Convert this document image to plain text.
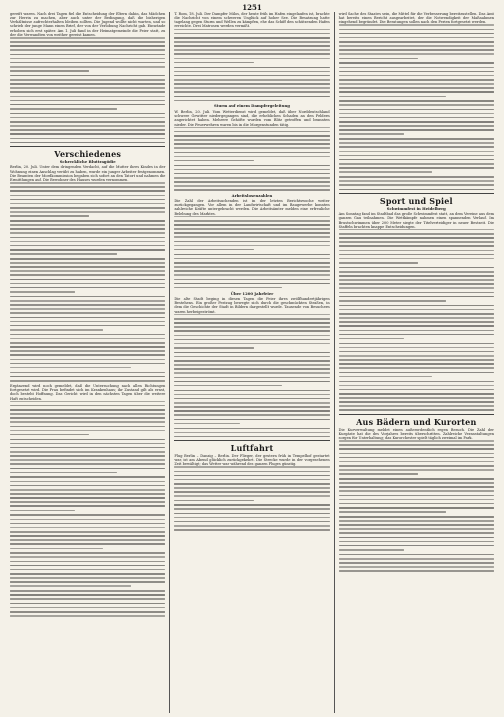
1251

gereift waren. Nach drei Tagen fiel die Entscheidung der Eltern dahin, das Mädchen zur Herrin zu machen, aber auch unter der Bedingung, daß die bisherigen Verhältnisse aufrechterhalten bleiben sollten. Die Jugend wollte nicht warten, und so schrieb der junge Mann einen Brief, der von der Verlobung Nachricht gab. Einwände erhoben sich erst später. Am 1. Juli fand in der Heimatgemeinde die Feier statt, zu der die Verwandten von weither gereist kamen.

Verschiedenes
Schreckliche Bluttragödie

Berlin, 20. Juli. Unter dem dringenden Verdacht, auf die Mutter ihres Kindes in der Wohnung einen Anschlag verübt zu haben, wurde ein junger Arbeiter festgenommen. Die Beamten der Mordkommission begaben sich sofort an den Tatort und nahmen die Ermittlungen auf. Die Bewohner des Hauses wurden vernommen.

Ergänzend wird noch gemeldet, daß die Untersuchung nach allen Richtungen fortgesetzt wird. Die Frau befindet sich im Krankenhaus; ihr Zustand gilt als ernst, doch besteht Hoffnung. Das Gericht wird in den nächsten Tagen über die weitere Haft entscheiden.

T. Rom, 18. Juli. Der Dampfer Milos, der heute früh im Hafen eingelaufen ist, brachte die Nachricht von einem schweren Unglück auf hoher See. Die Besatzung hatte tagelang gegen Sturm und Wellen zu kämpfen, ehe das Schiff den schützenden Hafen erreichte. Drei Matrosen werden vermißt.

Sturm auf einem Dampfergeleitung

W. Berlin, 20. Juli. Vom Wetterdienst wird gemeldet, daß über Norddeutschland schwere Gewitter niedergegangen sind, die erheblichen Schaden an den Feldern angerichtet haben. Mehrere Gehöfte wurden vom Blitz getroffen und brannten nieder. Die Feuerwehren waren bis in die Morgenstunden tätig.

Arbeitslosenzahlen

Die Zahl der Arbeitsuchenden ist in der letzten Berichtswoche weiter zurückgegangen. Vor allem in der Landwirtschaft und im Baugewerbe konnten zahlreiche Kräfte untergebracht werden. Die Arbeitsämter melden eine erfreuliche Belebung des Marktes.

Über 1200 Jahrfeier

Die alte Stadt beging in diesen Tagen die Feier ihres zwölfhundertjährigen Bestehens. Ein großer Festzug bewegte sich durch die geschmückten Straßen, in dem die Geschichte der Stadt in Bildern dargestellt wurde. Tausende von Besuchern waren herbeigeströmt.

Luftfahrt

Flug Berlin – Danzig – Berlin. Der Flieger, der gestern früh in Tempelhof gestartet war, ist am Abend glücklich zurückgekehrt. Die Strecke wurde in der vorgesehenen Zeit bewältigt; das Wetter war während des ganzen Fluges günstig.

wird Sache des Staates sein, die Mittel für die Verbesserung bereitzustellen. Das Amt hat bereits einen Bericht ausgearbeitet, der die Notwendigkeit der Maßnahmen eingehend begründet. Die Beratungen sollen nach den Ferien fortgesetzt werden.

Sport und Spiel
Schwimmfest in Heidelberg

Am Sonntag fand im Stadtbad das große Schwimmfest statt, an dem Vereine aus dem ganzen Gau teilnahmen. Die Wettkämpfe nahmen einen spannenden Verlauf. Im Brustschwimmen über 200 Meter siegte der Titelverteidiger in neuer Bestzeit. Die Staffeln brachten knappe Entscheidungen.

Aus Bädern und Kurorten

Die Kurverwaltung meldet einen außerordentlich regen Besuch. Die Zahl der Kurgäste hat die des Vorjahres bereits überschritten. Zahlreiche Veranstaltungen sorgen für Unterhaltung; das Kurorchester spielt täglich zweimal im Park.
